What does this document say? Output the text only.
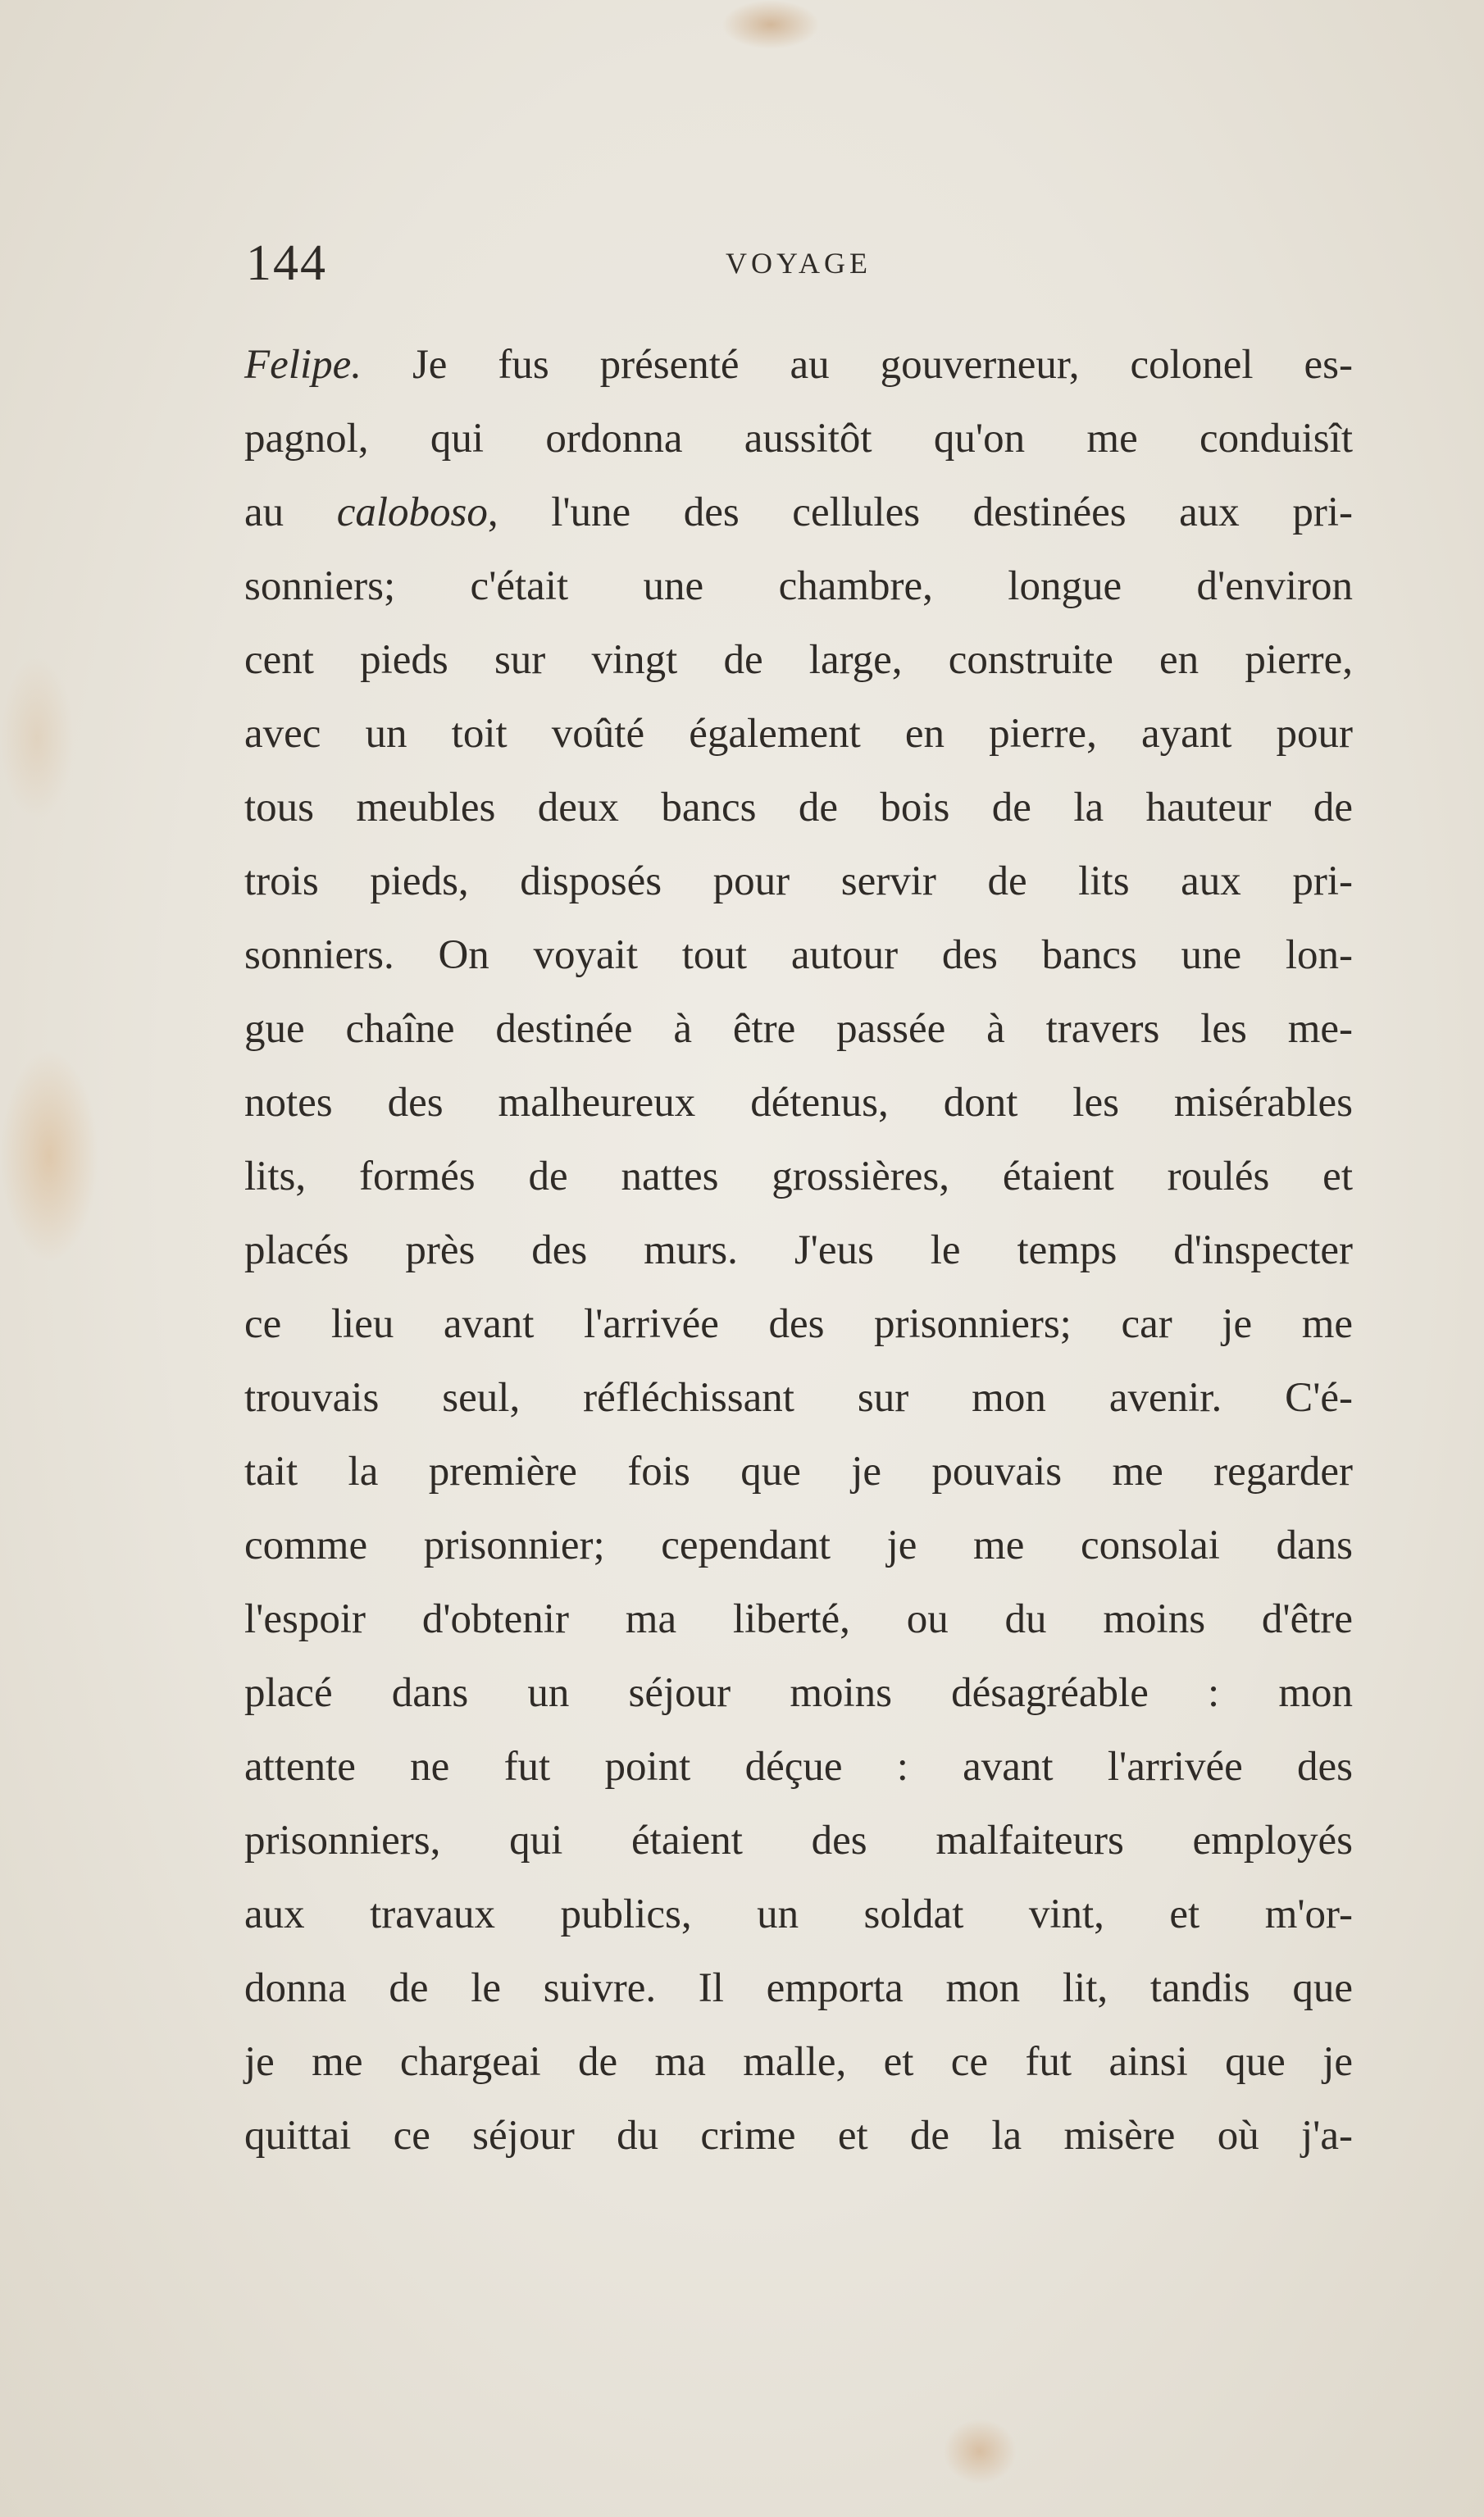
144	VOYAGE
Felipe. Je fus présenté au gouverneur, colonel es-
pagnol, qui ordonna aussitôt qu'on me conduisît
au caloboso, l'une des cellules destinées aux pri-
sonniers; c'était une chambre, longue d'environ
cent pieds sur vingt de large, construite en pierre,
avec un toit voûté également en pierre, ayant pour
tous meubles deux bancs de bois de la hauteur de
trois pieds, disposés pour servir de lits aux pri-
sonniers. On voyait tout autour des bancs une lon-
gue chaîne destinée à être passée à travers les me-
notes des malheureux détenus, dont les misérables
lits, formés de nattes grossières, étaient roulés et
placés près des murs. J'eus le temps d'inspecter
ce lieu avant l'arrivée des prisonniers; car je me
trouvais seul, réfléchissant sur mon avenir. C'é-
tait la première fois que je pouvais me regarder
comme prisonnier; cependant je me consolai dans
l'espoir d'obtenir ma liberté, ou du moins d'être
placé dans un séjour moins désagréable : mon
attente ne fut point déçue : avant l'arrivée des
prisonniers, qui étaient des malfaiteurs employés
aux travaux publics, un soldat vint, et m'or-
donna de le suivre. Il emporta mon lit, tandis que
je me chargeai de ma malle, et ce fut ainsi que je
quittai ce séjour du crime et de la misère où j'a-
